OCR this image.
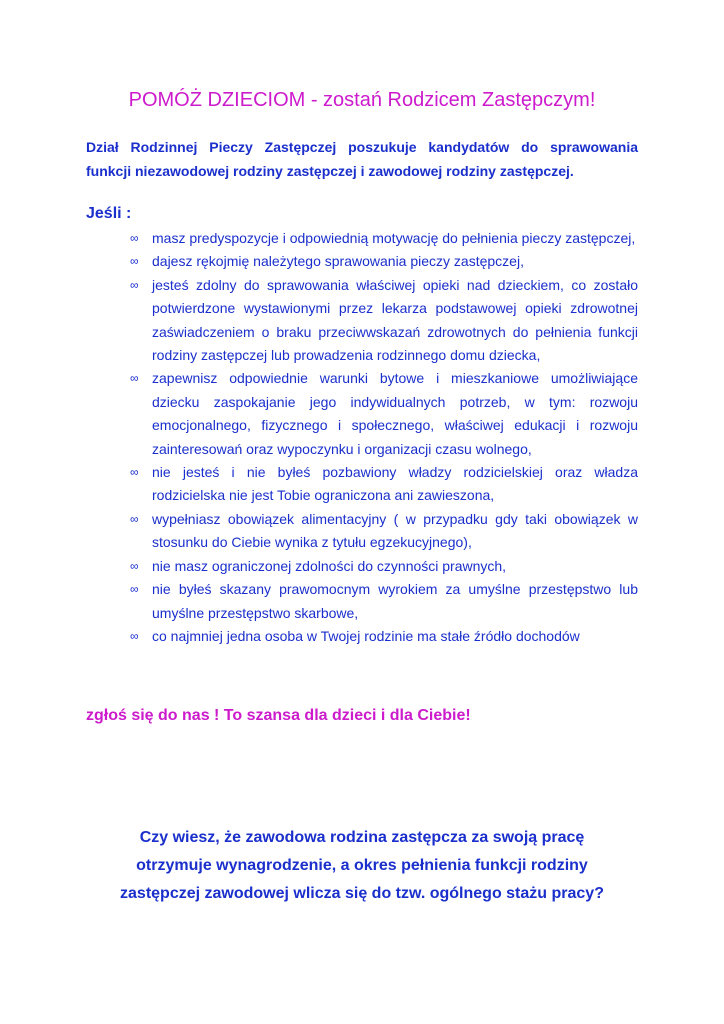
POMÓŻ DZIECIOM - zostań Rodzicem Zastępczym!
Dział Rodzinnej Pieczy Zastępczej poszukuje kandydatów do sprawowania
funkcji niezawodowej rodziny zastępczej i zawodowej rodziny zastępczej.
Jeśli :
∞ masz predyspozycje i odpowiednią motywację do pełnienia pieczy zastępczej,
∞ dajesz rękojmię należytego sprawowania pieczy zastępczej,
∞ jesteś zdolny do sprawowania właściwej opieki nad dzieckiem, co zostało potwierdzone wystawionymi przez lekarza podstawowej opieki zdrowotnej zaświadczeniem o braku przeciwwskazań zdrowotnych do pełnienia funkcji rodziny zastępczej lub prowadzenia rodzinnego domu dziecka,
∞ zapewnisz odpowiednie warunki bytowe i mieszkaniowe umożliwiające dziecku zaspokajanie jego indywidualnych potrzeb, w tym: rozwoju emocjonalnego, fizycznego i społecznego, właściwej edukacji i rozwoju zainteresowań oraz wypoczynku i organizacji czasu wolnego,
∞ nie jesteś i nie byłeś pozbawiony władzy rodzicielskiej oraz władza rodzicielska nie jest Tobie ograniczona ani zawieszona,
∞ wypełniasz obowiązek alimentacyjny ( w przypadku gdy taki obowiązek w stosunku do Ciebie wynika z tytułu egzekucyjnego),
∞ nie masz ograniczonej zdolności do czynności prawnych,
∞ nie byłeś skazany prawomocnym wyrokiem za umyślne przestępstwo lub umyślne przestępstwo skarbowe,
∞ co najmniej jedna osoba w Twojej rodzinie ma stałe źródło dochodów
zgłoś się do nas ! To szansa dla dzieci i dla Ciebie!
Czy wiesz, że zawodowa rodzina zastępcza za swoją pracę
otrzymuje wynagrodzenie, a okres pełnienia funkcji rodziny
zastępczej zawodowej wlicza się do tzw. ogólnego stażu pracy?
